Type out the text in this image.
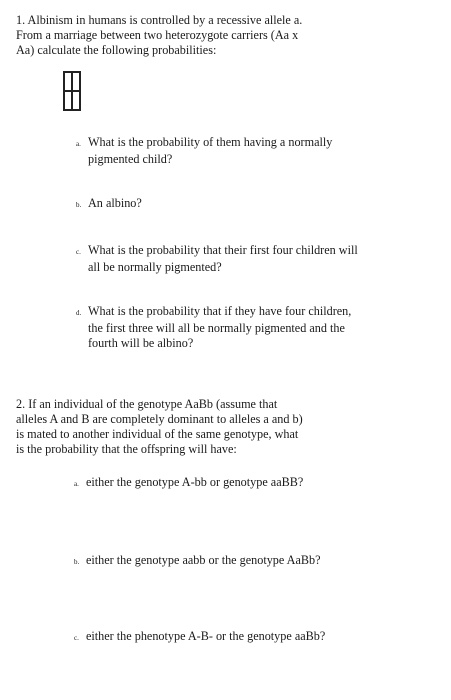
1. Albinism in humans is controlled by a recessive allele a.
From a marriage between two heterozygote carriers (Aa x
Aa) calculate the following probabilities:
a. What is the probability of them having a normally
pigmented child?
b. An albino?
c. What is the probability that their first four children will
all be normally pigmented?
d. What is the probability that if they have four children,
the first three will all be normally pigmented and the
fourth will be albino?
2. If an individual of the genotype AaBb (assume that
alleles A and B are completely dominant to alleles a and b)
is mated to another individual of the same genotype, what
is the probability that the offspring will have:
a. either the genotype A-bb or genotype aaBB?
b. either the genotype aabb or the genotype AaBb?
c. either the phenotype A-B- or the genotype aaBb?
